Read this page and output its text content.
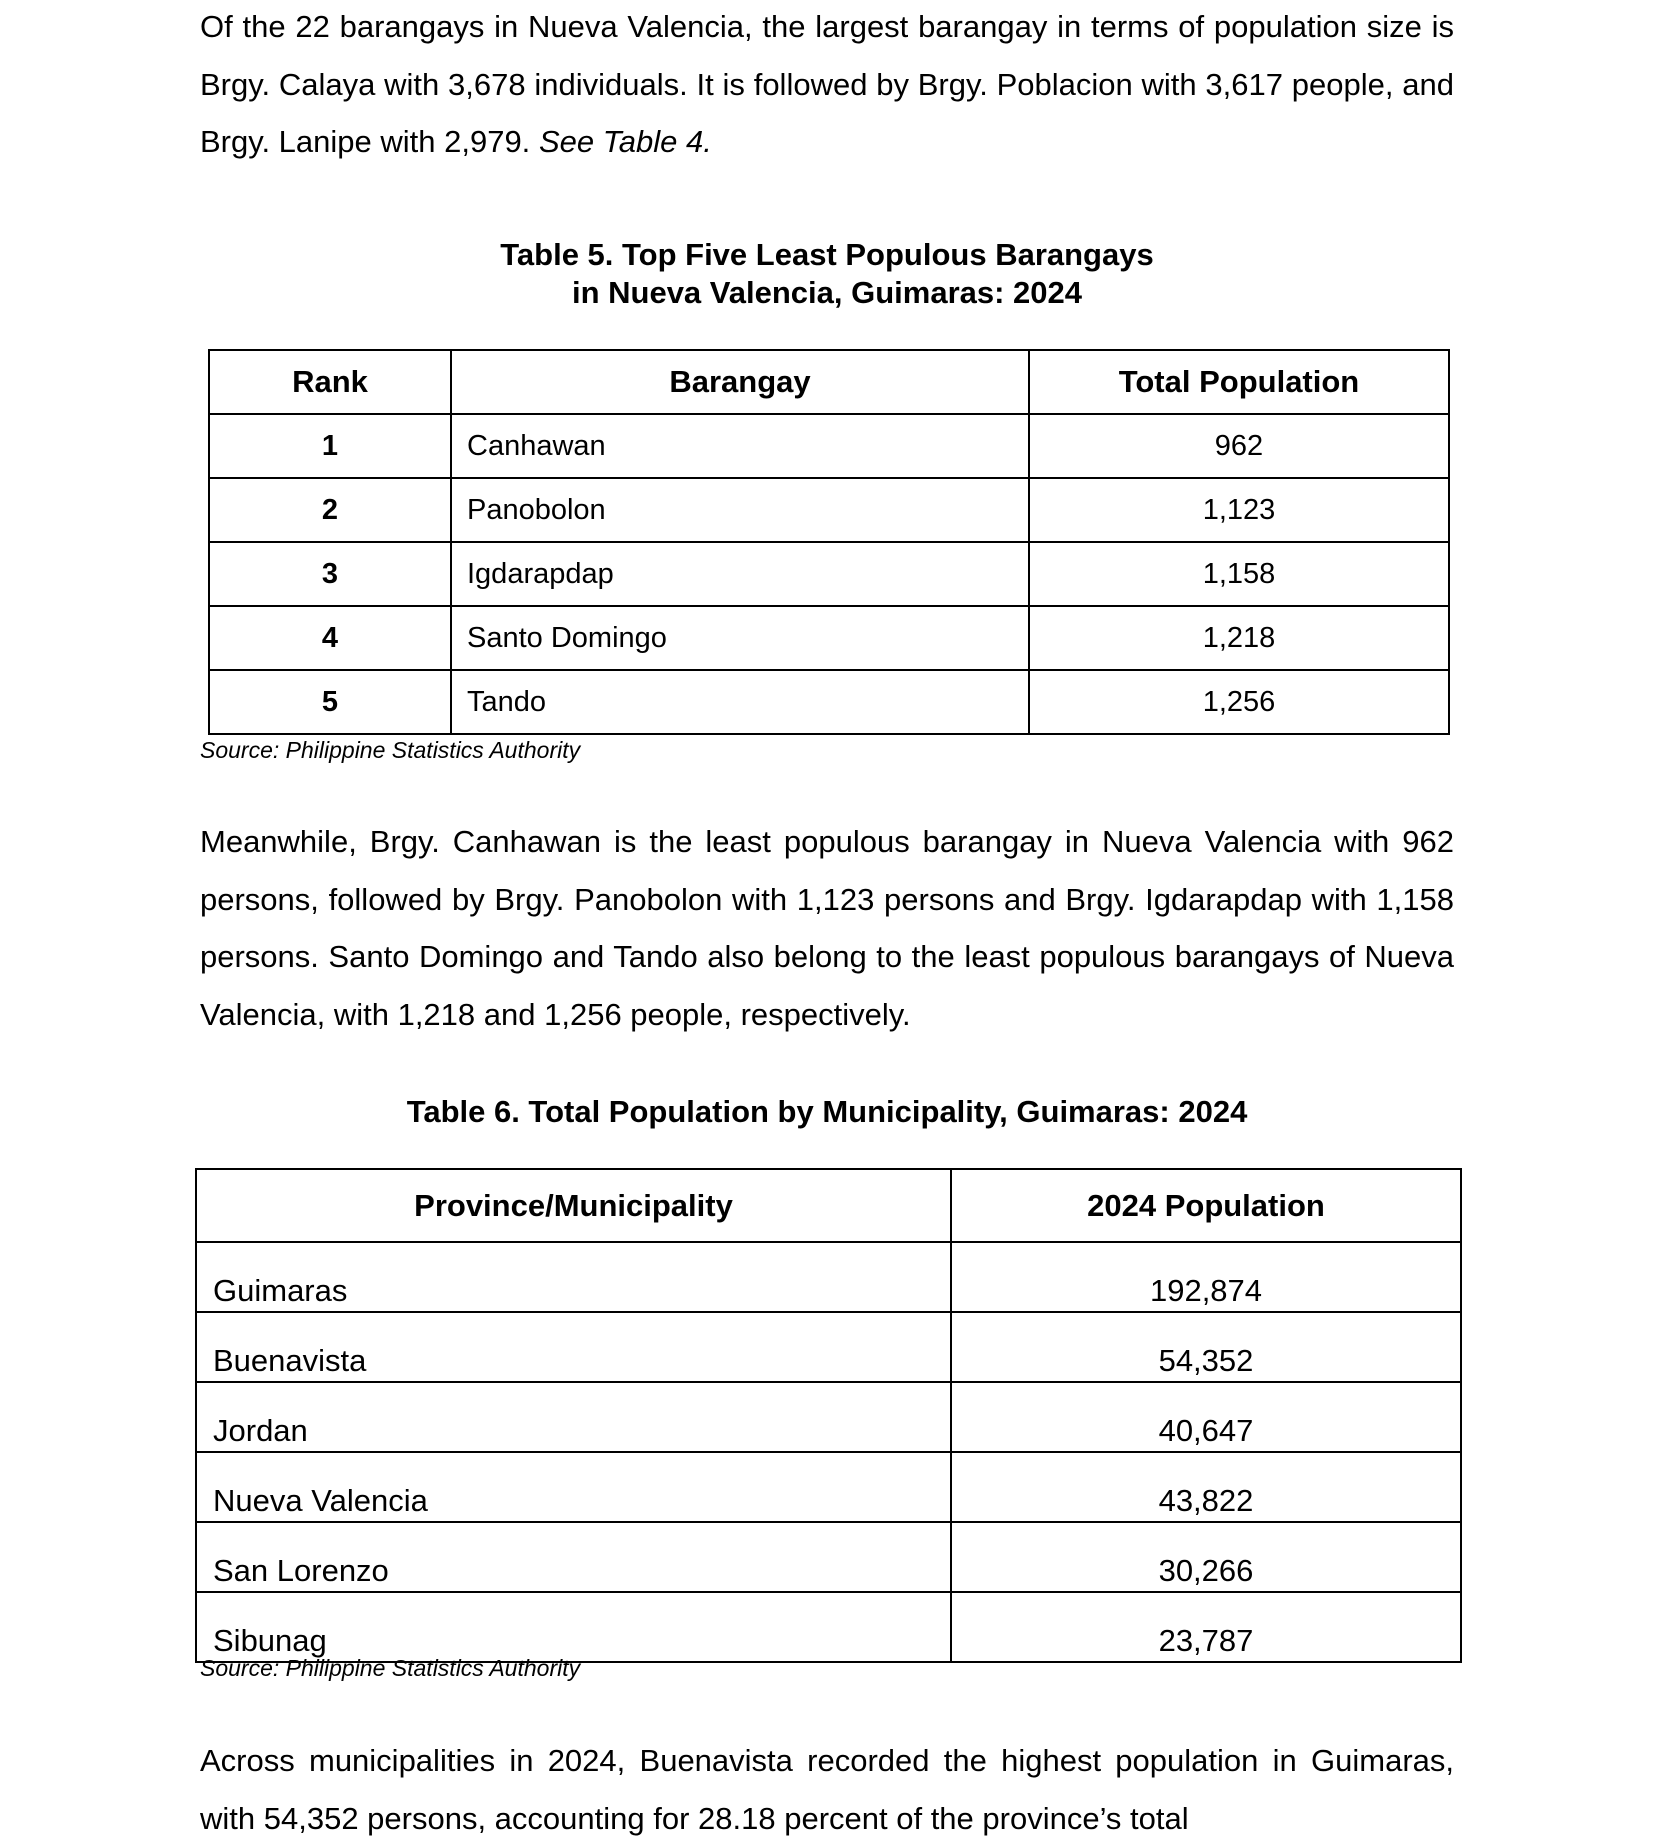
Of the 22 barangays in Nueva Valencia, the largest barangay in terms of population size is Brgy. Calaya with 3,678 individuals. It is followed by Brgy. Poblacion with 3,617 people, and Brgy. Lanipe with 2,979. See Table 4.

Table 5. Top Five Least Populous Barangays
in Nueva Valencia, Guimaras: 2024

Rank	Barangay	Total Population
1	Canhawan	962
2	Panobolon	1,123
3	Igdarapdap	1,158
4	Santo Domingo	1,218
5	Tando	1,256

Source: Philippine Statistics Authority

Meanwhile, Brgy. Canhawan is the least populous barangay in Nueva Valencia with 962 persons, followed by Brgy. Panobolon with 1,123 persons and Brgy. Igdarapdap with 1,158 persons. Santo Domingo and Tando also belong to the least populous barangays of Nueva Valencia, with 1,218 and 1,256 people, respectively.

Table 6. Total Population by Municipality, Guimaras: 2024

Province/Municipality	2024 Population
Guimaras	192,874
Buenavista	54,352
Jordan	40,647
Nueva Valencia	43,822
San Lorenzo	30,266
Sibunag	23,787

Source: Philippine Statistics Authority

Across municipalities in 2024, Buenavista recorded the highest population in Guimaras, with 54,352 persons, accounting for 28.18 percent of the province’s total
